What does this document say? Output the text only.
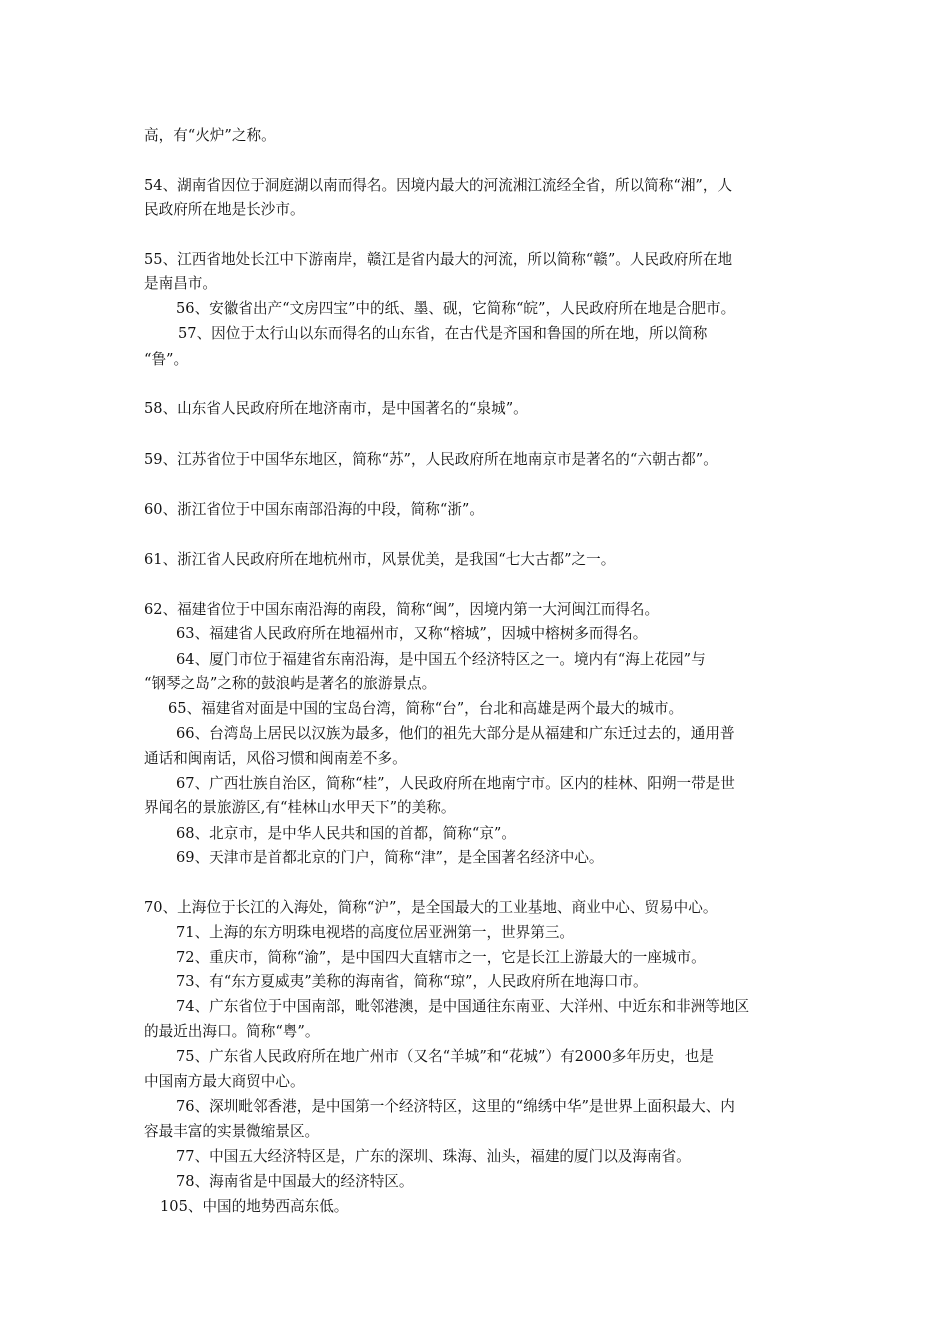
高，有“火炉”之称。
54、湖南省因位于洞庭湖以南而得名。因境内最大的河流湘江流经全省，所以简称“湘”，人
民政府所在地是长沙市。
55、江西省地处长江中下游南岸，赣江是省内最大的河流，所以简称“赣”。人民政府所在地
是南昌市。
56、安徽省出产“文房四宝”中的纸、墨、砚，它简称“皖”，人民政府所在地是合肥市。
57、因位于太行山以东而得名的山东省，在古代是齐国和鲁国的所在地，所以简称
“鲁”。
58、山东省人民政府所在地济南市，是中国著名的“泉城”。
59、江苏省位于中国华东地区，简称“苏”，人民政府所在地南京市是著名的“六朝古都”。
60、浙江省位于中国东南部沿海的中段，简称“浙”。
61、浙江省人民政府所在地杭州市，风景优美，是我国“七大古都”之一。
62、福建省位于中国东南沿海的南段，简称“闽”，因境内第一大河闽江而得名。
63、福建省人民政府所在地福州市，又称“榕城”，因城中榕树多而得名。
64、厦门市位于福建省东南沿海，是中国五个经济特区之一。境内有“海上花园”与
“钢琴之岛”之称的鼓浪屿是著名的旅游景点。
65、福建省对面是中国的宝岛台湾，简称“台”，台北和高雄是两个最大的城市。
66、台湾岛上居民以汉族为最多，他们的祖先大部分是从福建和广东迁过去的，通用普
通话和闽南话，风俗习惯和闽南差不多。
67、广西壮族自治区，简称“桂”，人民政府所在地南宁市。区内的桂林、阳朔一带是世
界闻名的景旅游区,有“桂林山水甲天下”的美称。
68、北京市，是中华人民共和国的首都，简称“京”。
69、天津市是首都北京的门户，简称“津”，是全国著名经济中心。
70、上海位于长江的入海处，简称“沪”，是全国最大的工业基地、商业中心、贸易中心。
71、上海的东方明珠电视塔的高度位居亚洲第一，世界第三。
72、重庆市，简称“渝”，是中国四大直辖市之一，它是长江上游最大的一座城市。
73、有“东方夏威夷”美称的海南省，简称“琼”，人民政府所在地海口市。
74、广东省位于中国南部，毗邻港澳，是中国通往东南亚、大洋州、中近东和非洲等地区
的最近出海口。简称“粤”。
75、广东省人民政府所在地广州市（又名“羊城”和“花城”）有2000多年历史，也是
中国南方最大商贸中心。
76、深圳毗邻香港，是中国第一个经济特区，这里的“绵绣中华”是世界上面积最大、内
容最丰富的实景微缩景区。
77、中国五大经济特区是，广东的深圳、珠海、汕头，福建的厦门以及海南省。
78、海南省是中国最大的经济特区。
105、中国的地势西高东低。
